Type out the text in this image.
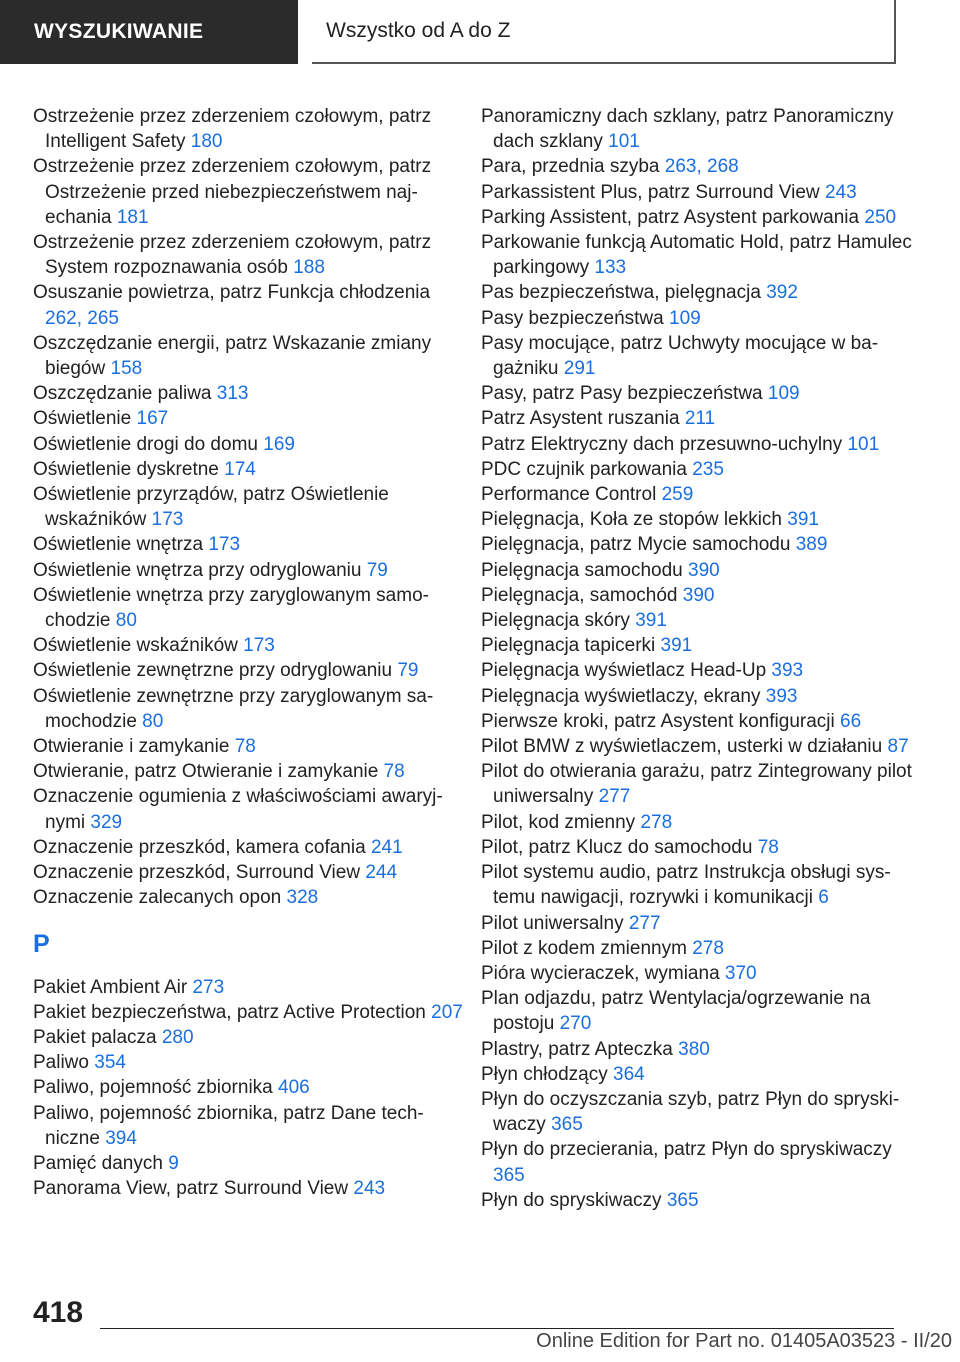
WYSZUKIWANIE	Wszystko od A do Z

Ostrzeżenie przez zderzeniem czołowym, patrz Intelligent Safety 180

Ostrzeżenie przez zderzeniem czołowym, patrz Ostrzeżenie przed niebezpieczeństwem najechania 181

Ostrzeżenie przez zderzeniem czołowym, patrz System rozpoznawania osób 188

Osuszanie powietrza, patrz Funkcja chłodzenia 262, 265

Oszczędzanie energii, patrz Wskazanie zmiany biegów 158

Oszczędzanie paliwa 313

Oświetlenie 167

Oświetlenie drogi do domu 169

Oświetlenie dyskretne 174

Oświetlenie przyrządów, patrz Oświetlenie wskaźników 173

Oświetlenie wnętrza 173

Oświetlenie wnętrza przy odryglowaniu 79

Oświetlenie wnętrza przy zaryglowanym samochodzie 80

Oświetlenie wskaźników 173

Oświetlenie zewnętrzne przy odryglowaniu 79

Oświetlenie zewnętrzne przy zaryglowanym samochodzie 80

Otwieranie i zamykanie 78

Otwieranie, patrz Otwieranie i zamykanie 78

Oznaczenie ogumienia z właściwościami awaryjnymi 329

Oznaczenie przeszkód, kamera cofania 241

Oznaczenie przeszkód, Surround View 244

Oznaczenie zalecanych opon 328

P

Pakiet Ambient Air 273

Pakiet bezpieczeństwa, patrz Active Protection 207

Pakiet palacza 280

Paliwo 354

Paliwo, pojemność zbiornika 406

Paliwo, pojemność zbiornika, patrz Dane techniczne 394

Pamięć danych 9

Panorama View, patrz Surround View 243

Panoramiczny dach szklany, patrz Panoramiczny dach szklany 101

Para, przednia szyba 263, 268

Parkassistent Plus, patrz Surround View 243

Parking Assistent, patrz Asystent parkowania 250

Parkowanie funkcją Automatic Hold, patrz Hamulec parkingowy 133

Pas bezpieczeństwa, pielęgnacja 392

Pasy bezpieczeństwa 109

Pasy mocujące, patrz Uchwyty mocujące w bagażniku 291

Pasy, patrz Pasy bezpieczeństwa 109

Patrz Asystent ruszania 211

Patrz Elektryczny dach przesuwno-uchylny 101

PDC czujnik parkowania 235

Performance Control 259

Pielęgnacja, Koła ze stopów lekkich 391

Pielęgnacja, patrz Mycie samochodu 389

Pielęgnacja samochodu 390

Pielęgnacja, samochód 390

Pielęgnacja skóry 391

Pielęgnacja tapicerki 391

Pielęgnacja wyświetlacz Head-Up 393

Pielęgnacja wyświetlaczy, ekrany 393

Pierwsze kroki, patrz Asystent konfiguracji 66

Pilot BMW z wyświetlaczem, usterki w działaniu 87

Pilot do otwierania garażu, patrz Zintegrowany pilot uniwersalny 277

Pilot, kod zmienny 278

Pilot, patrz Klucz do samochodu 78

Pilot systemu audio, patrz Instrukcja obsługi systemu nawigacji, rozrywki i komunikacji 6

Pilot uniwersalny 277

Pilot z kodem zmiennym 278

Pióra wycieraczek, wymiana 370

Plan odjazdu, patrz Wentylacja/ogrzewanie na postoju 270

Plastry, patrz Apteczka 380

Płyn chłodzący 364

Płyn do oczyszczania szyb, patrz Płyn do spryskiwaczy 365

Płyn do przecierania, patrz Płyn do spryskiwaczy 365

Płyn do spryskiwaczy 365

418
Online Edition for Part no. 01405A03523 - II/20
